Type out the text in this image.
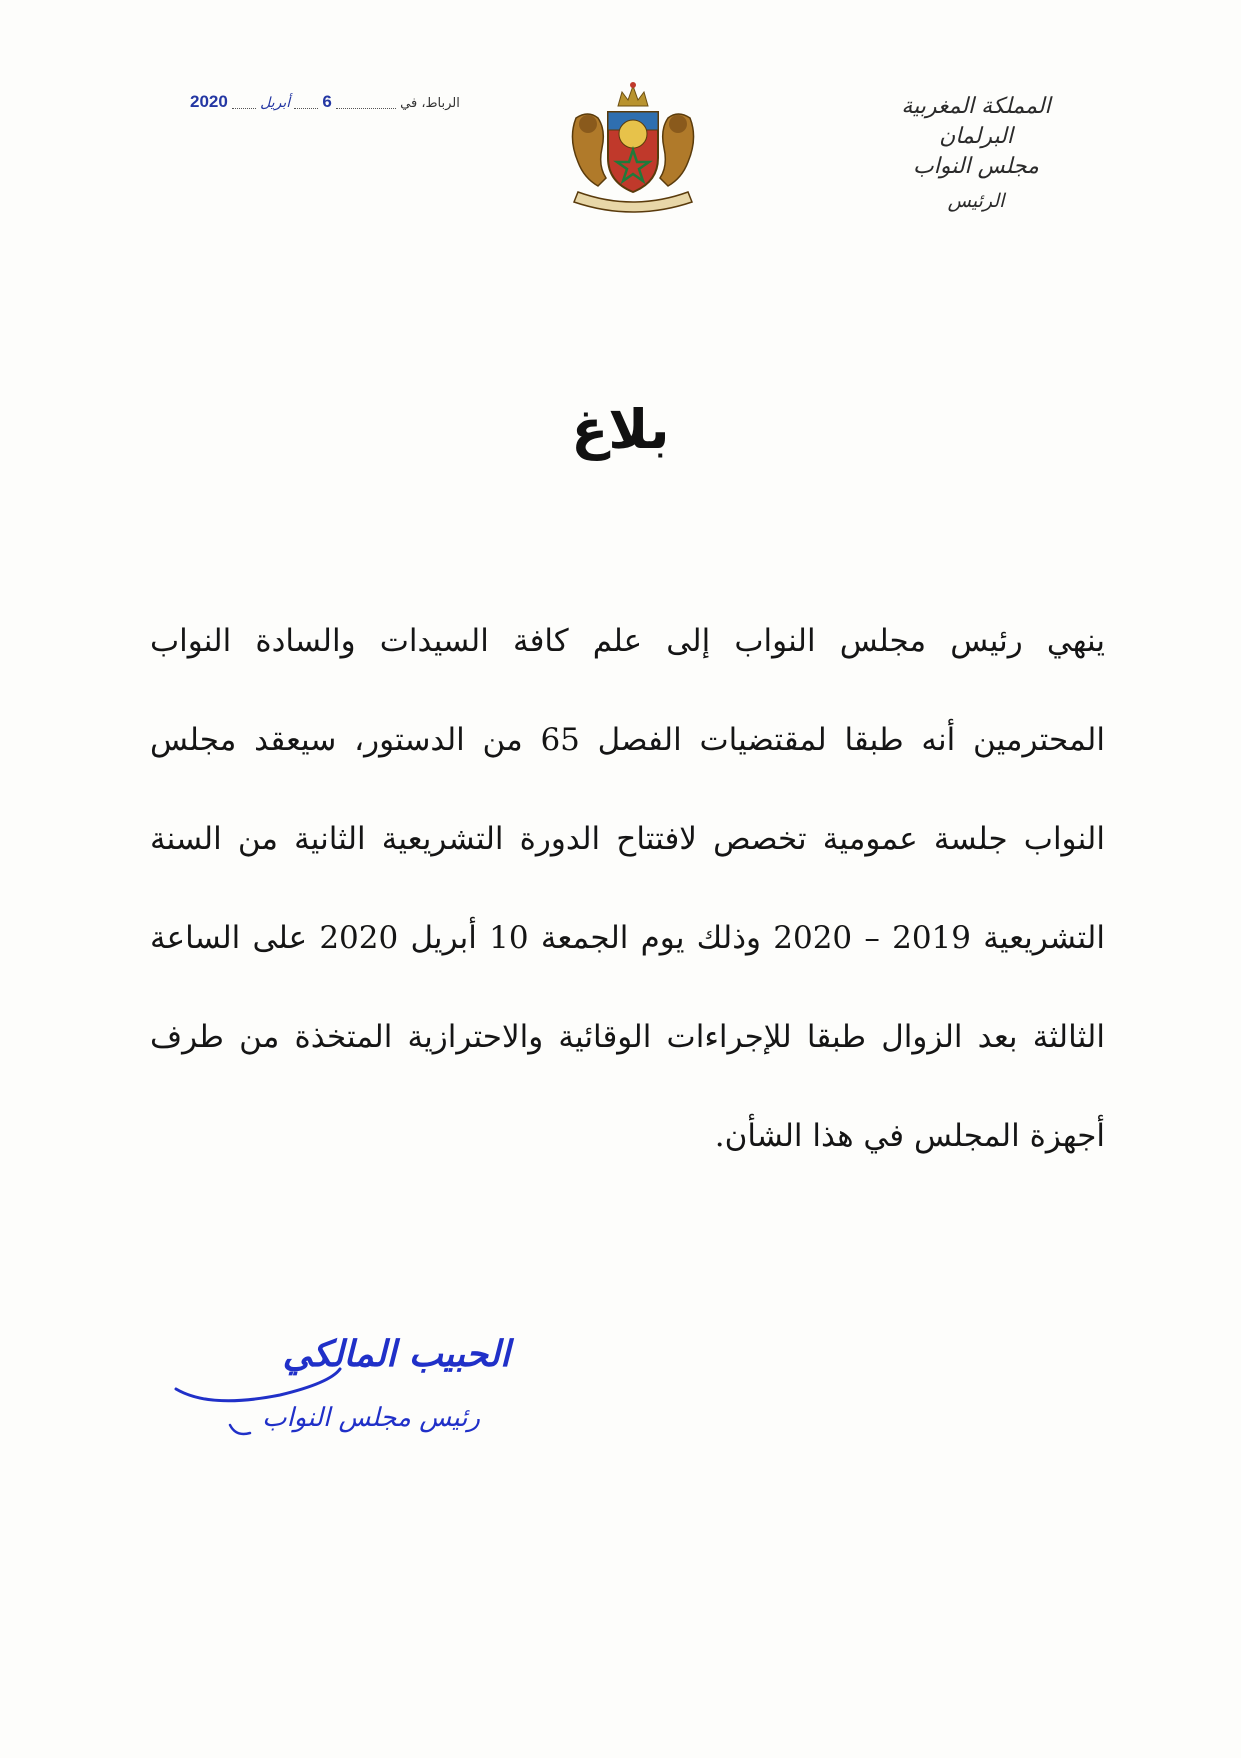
المملكة المغربية
البرلمان
مجلس النواب
الرئيس
الرباط، في  6  أبريل  2020
بلاغ

ينهي رئيس مجلس النواب إلى علم كافة السيدات والسادة النواب المحترمين أنه طبقا لمقتضيات الفصل 65 من الدستور، سيعقد مجلس النواب جلسة عمومية تخصص لافتتاح الدورة التشريعية الثانية من السنة التشريعية 2019 – 2020 وذلك يوم الجمعة 10 أبريل 2020 على الساعة الثالثة بعد الزوال طبقا للإجراءات الوقائية والاحترازية المتخذة من طرف أجهزة المجلس في هذا الشأن.

الحبيب المالكي
رئيس مجلس النواب
